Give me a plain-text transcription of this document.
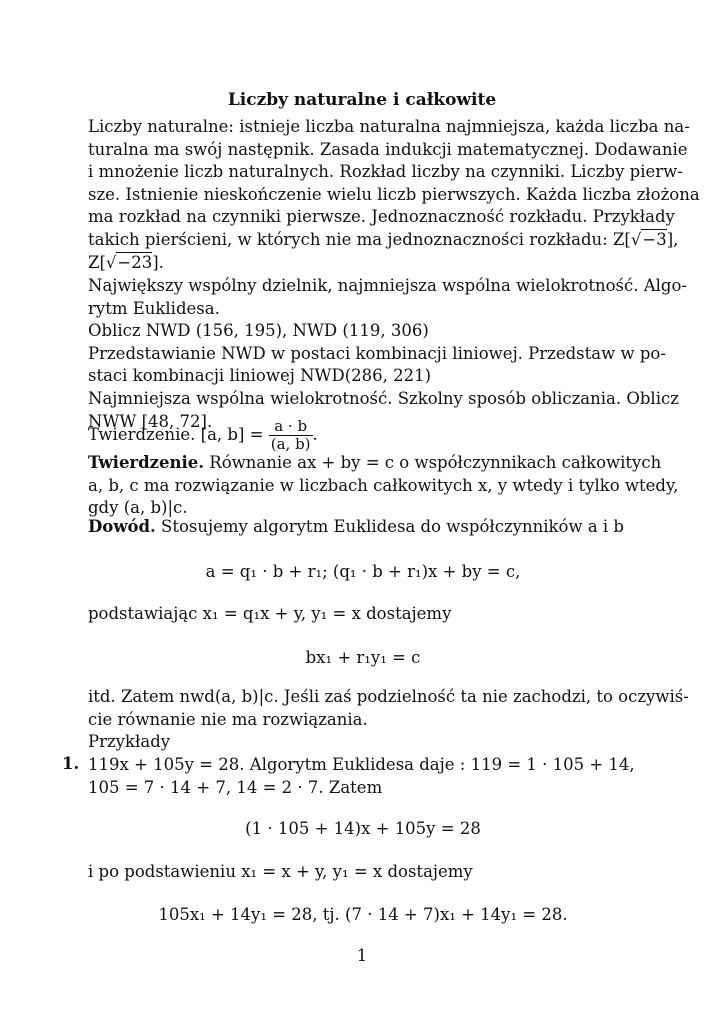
Liczby naturalne i całkowite
Liczby naturalne: istnieje liczba naturalna najmniejsza, każda liczba na-
turalna ma swój następnik. Zasada indukcji matematycznej. Dodawanie
i mnożenie liczb naturalnych. Rozkład liczby na czynniki. Liczby pierw-
sze. Istnienie nieskończenie wielu liczb pierwszych. Każda liczba złożona
ma rozkład na czynniki pierwsze. Jednoznaczność rozkładu. Przykłady
takich pierścieni, w których nie ma jednoznaczności rozkładu: Z[√−3],
Z[√−23].
Największy wspólny dzielnik, najmniejsza wspólna wielokrotność. Algo-
rytm Euklidesa.
Oblicz NWD (156, 195), NWD (119, 306)
Przedstawianie NWD w postaci kombinacji liniowej. Przedstaw w po-
staci kombinacji liniowej NWD(286, 221)
Najmniejsza wspólna wielokrotność. Szkolny sposób obliczania. Oblicz
NWW [48, 72].
Twierdzenie. [a, $b] = \frac{a \cdot b}{(a, b)}$ .
Twierdzenie. Równanie ax + by = c o współczynnikach całkowitych
a, b, c ma rozwiązanie w liczbach całkowitych x, y wtedy i tylko wtedy,
gdy (a, b)|c.
Dowód. Stosujemy algorytm Euklidesa do współczynników a i b
a = q₁ · b + r₁; (q₁ · b + r₁)x + by = c,
podstawiając x₁ = q₁x + y, y₁ = x dostajemy
bx₁ + r₁y₁ = c
itd. Zatem nwd(a, b)|c. Jeśli zaś podzielność ta nie zachodzi, to oczywiś-
cie równanie nie ma rozwiązania.
Przykłady
1. 119x + 105y = 28. Algorytm Euklidesa daje : 119 = 1 · 105 + 14,
105 = 7 · 14 + 7, 14 = 2 · 7. Zatem
(1 · 105 + 14)x + 105y = 28
i po podstawieniu x₁ = x + y, y₁ = x dostajemy
105x₁ + 14y₁ = 28, tj. (7 · 14 + 7)x₁ + 14y₁ = 28.
1
